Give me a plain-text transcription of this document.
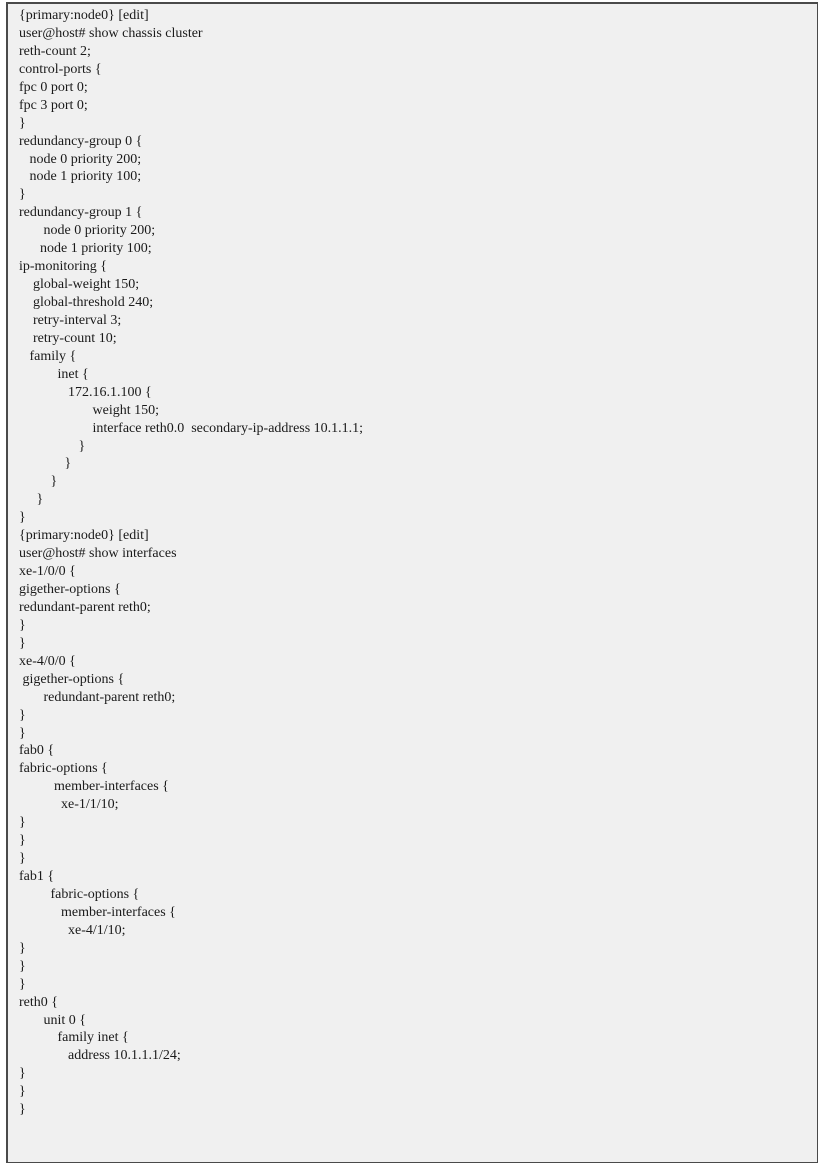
{primary:node0} [edit]
user@host# show chassis cluster
reth-count 2;
control-ports {
fpc 0 port 0;
fpc 3 port 0;
}
redundancy-group 0 {
node 0 priority 200;
node 1 priority 100;
}
redundancy-group 1 {
node 0 priority 200;
node 1 priority 100;
ip-monitoring {
global-weight 150;
global-threshold 240;
retry-interval 3;
retry-count 10;
family {
inet {
172.16.1.100 {
weight 150;
interface reth0.0  secondary-ip-address 10.1.1.1;
}
}
}
}
}
{primary:node0} [edit]
user@host# show interfaces
xe-1/0/0 {
gigether-options {
redundant-parent reth0;
}
}
xe-4/0/0 {
gigether-options {
redundant-parent reth0;
}
}
fab0 {
fabric-options {
member-interfaces {
xe-1/1/10;
}
}
}
fab1 {
fabric-options {
member-interfaces {
xe-4/1/10;
}
}
}
reth0 {
unit 0 {
family inet {
address 10.1.1.1/24;
}
}
}
